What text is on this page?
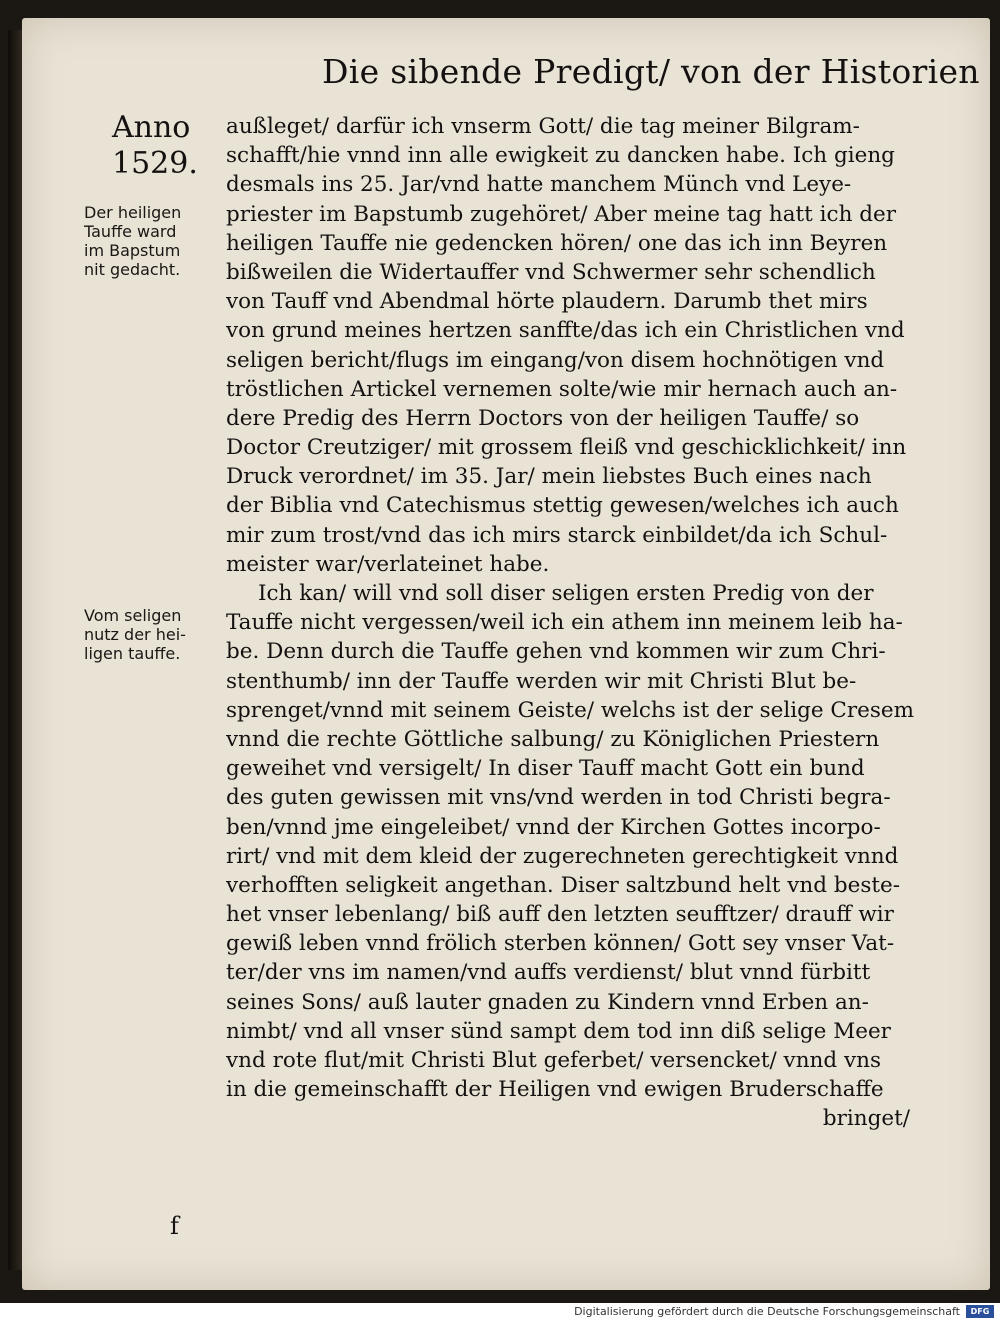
Die sibende Predigt/ von der Historien
Anno
1529.
Der heiligen
Tauffe ward
im Bapstum
nit gedacht.
Vom seligen
nutz der hei-
ligen tauffe.
außleget/ darfür ich vnserm Gott/ die tag meiner Bilgram-
schafft/hie vnnd inn alle ewigkeit zu dancken habe. Ich gieng
desmals ins 25. Jar/vnd hatte manchem Münch vnd Leye-
priester im Bapstumb zugehöret/ Aber meine tag hatt ich der
heiligen Tauffe nie gedencken hören/ one das ich inn Beyren
bißweilen die Widertauffer vnd Schwermer sehr schendlich
von Tauff vnd Abendmal hörte plaudern. Darumb thet mirs
von grund meines hertzen sanffte/das ich ein Christlichen vnd
seligen bericht/flugs im eingang/von disem hochnötigen vnd
tröstlichen Artickel vernemen solte/wie mir hernach auch an-
dere Predig des Herrn Doctors von der heiligen Tauffe/ so
Doctor Creutziger/ mit grossem fleiß vnd geschicklichkeit/ inn
Druck verordnet/ im 35. Jar/ mein liebstes Buch eines nach
der Biblia vnd Catechismus stettig gewesen/welches ich auch
mir zum trost/vnd das ich mirs starck einbildet/da ich Schul-
meister war/verlateinet habe.
Ich kan/ will vnd soll diser seligen ersten Predig von der
Tauffe nicht vergessen/weil ich ein athem inn meinem leib ha-
be. Denn durch die Tauffe gehen vnd kommen wir zum Chri-
stenthumb/ inn der Tauffe werden wir mit Christi Blut be-
sprenget/vnnd mit seinem Geiste/ welchs ist der selige Cresem
vnnd die rechte Göttliche salbung/ zu Königlichen Priestern
geweihet vnd versigelt/ In diser Tauff macht Gott ein bund
des guten gewissen mit vns/vnd werden in tod Christi begra-
ben/vnnd jme eingeleibet/ vnnd der Kirchen Gottes incorpo-
rirt/ vnd mit dem kleid der zugerechneten gerechtigkeit vnnd
verhofften seligkeit angethan. Diser saltzbund helt vnd beste-
het vnser lebenlang/ biß auff den letzten seufftzer/ drauff wir
gewiß leben vnnd frölich sterben können/ Gott sey vnser Vat-
ter/der vns im namen/vnd auffs verdienst/ blut vnnd fürbitt
seines Sons/ auß lauter gnaden zu Kindern vnnd Erben an-
nimbt/ vnd all vnser sünd sampt dem tod inn diß selige Meer
vnd rote flut/mit Christi Blut geferbet/ versencket/ vnnd vns
in die gemeinschafft der Heiligen vnd ewigen Bruderschaffe
bringet/
f
Digitalisierung gefördert durch die Deutsche Forschungsgemeinschaft	DFG
